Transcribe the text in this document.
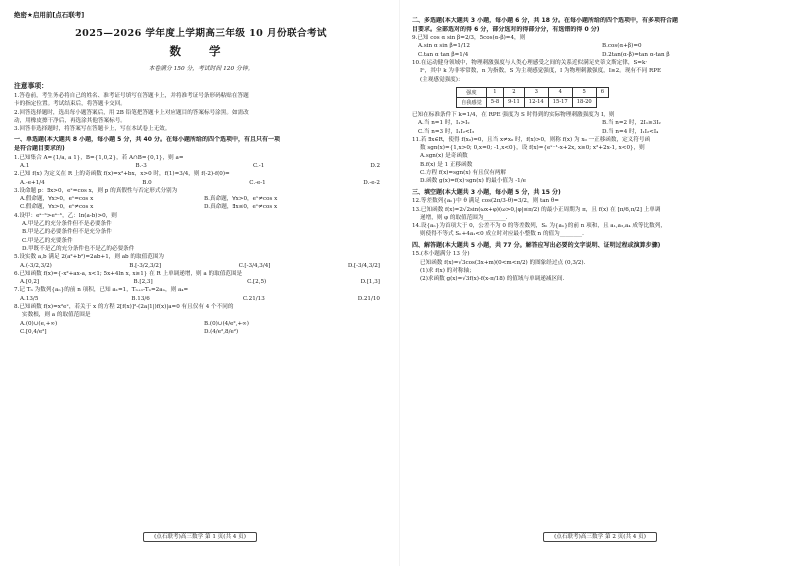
绝密★启用前[点石联考]
2025—2026 学年度上学期高三年级 10 月份联合考试
数 学
本卷满分 150 分，考试时间 120 分钟。
注意事项：
1.答卷前，考生务必将自己的姓名、准考证号填写在答题卡上，并将准考证号条形码粘贴在答题
卡的指定位置。考试结束后，将答题卡交回。
2.回答选择题时，选出每小题答案后，用 2B 铅笔把答题卡上对应题目的答案标号涂黑。如需改
动，用橡皮擦干净后，再选涂其他答案标号。
3.回答非选择题时，将答案写在答题卡上，写在本试卷上无效。
一、单选题(本大题共 8 小题，每小题 5 分，共 40 分。在每小题所给的四个选项中，有且只有一项
是符合题目要求的)
1.已知集合 A={1/a, a 1}，B={1,0,2}，若 A∩B={0,1}，则 a=
A.1	B.-3	C.-1	D.2
2.已知 f(x) 为定义在 R 上的奇函数 f(x)=x²+bx，x>0 时，f(1)=3/4，则 f(-2)-f(0)=
A.-e+1/4	B.0	C.-e-1	D.-e-2
3.设命题 p：∃x>0，eˣ=cos x，则 p 的真假性与否定形式分别为
A.假命题，∀x>0，eˣ=cos x	B.真命题，∀x>0，eˣ≠cos x
C.假命题，∀x>0，eˣ≠cos x	D.真命题，∃x≤0，eˣ≠cos x
4.设甲：eᵃ⁻ᵇ>eᵃ⁻ᵇ，乙：ln(a-b)>0，则
A.甲是乙的充分条件但不是必要条件
B.甲是乙的必要条件但不是充分条件
C.甲是乙的充要条件
D.甲既不是乙的充分条件也不是乙的必要条件
5.设实数 a,b 满足 2(a²+b²)=2ab+1，则 ab 的取值范围为
A.(-3/2,3/2)	B.[-3/2,3/2]	C.[-3/4,3/4]	D.[-3/4,3/2]
6.已知函数 f(x)={-x²+ax-a, x<1; 5x+4ln x, x≥1} 在 R 上单调递增，则 a 的取值范围是
A.[0,2]	B.[2,3]	C.[2,5)	D.[1,3]
7.记 Tₙ 为数列{aₙ}的前 n 项积，已知 a₁=1，Tₙ₊₁-Tₙ=2aₙ，则 a₄=
A.13/5	B.13/6	C.21/13	D.21/10
8.已知函数 f(x)=x²eˣ，若关于 x 的方程 2[f(x)]²-(2a|1|)f(x)|a=0 有且仅有 4 个不同的
实数根，则 a 的取值范围是
A.(0)∪(e,+∞)	B.(0)∪(4/e²,+∞)
C.[0,4/e²]	D.(4/e²,8/e²)
(点石联考)高三数学 第 1 页(共 4 页)
二、多选题(本大题共 3 小题，每小题 6 分，共 18 分。在每小题所给的四个选项中，有多项符合题
目要求。全部选对的得 6 分，部分选对的得部分分，有选错的得 0 分)
9.已知 cos α sin β=2/3，5cos(α-β)=4，则
A.sin α sin β=1/12	B.cos(α+β)=0
C.tan α tan β=1/4	D.2tan(α-β)=tan α-tan β
10.在运动健身领域中，物理刺激强度与人类心理感受之间的关系近似满足史蒂文斯定律，S=k·
Iⁿ，其中 k 为非零常数，n 为指数，S 为主观感觉强度，I 为物理刺激强度，I≥2。现有不同 RPE
(主观感觉强度)：
强度	1	2	3	4	5	6
自我感觉	5-8	9-11	12-14	15-17	18-20	
已知在标准条件下 k=1/4，在 RPE 强度为 S 时得到的实际物理刺激强度为 I，则
A.当 n=1 时，I₁>I₂	B.当 n=2 时，2I₁≥3I₂
C.当 n=3 时，I₁I₂<I₃	D.当 n=4 时，I₁I₂<I₄
11.若 ∃x∈R，使得 f(x₀)=0，且当 x≠x₀ 时，f(x)>0，则称 f(x) 为 x₀ 一正移函数，定义符号函
数 sgn(x)={1,x>0; 0,x=0; -1,x<0}，设 f(x)={eˣ⁻¹-x+2x, x≥0; x²+2x-1, x<0}，则
A.sgn(x) 是奇函数
B.f(x) 是 1 正移函数
C.方程 f(x)=sgn(x) 有且仅有两解
D.函数 g(x)=f(x)·sgn(x) 的最小值为 -1/e
三、填空题(本大题共 3 小题，每小题 5 分，共 15 分)
12.等差数列{aₙ}中 θ 满足 cos(2π/3-θ)=3/2，则 tan θ=
13.已知函数 f(x)=2√2sin(ωx+φ)(ω>0,|φ|≤π/2) 的最小正周期为 π，且 f(x) 在 [π/6,π/2] 上单调
递增，则 φ 的取值范围为________.
14.设{aₙ}为首项大于 0，公差不为 0 的等差数列，Sₙ 为{aₙ}的前 n 项和，且 a₁,a₃,a₄ 成等比数列，
则使得不等式 Sₙ+4a₁<0 成立时对应最小整数 n 的值为________.
四、解答题(本大题共 5 小题，共 77 分。解答应写出必要的文字说明、证明过程或演算步骤)
15.(本小题满分 13 分)
已知函数 f(x)=√3cos(3x+m)(0<m<π/2) 的图象经过点 (0,3/2).
(1)求 f(x) 的对称轴；
(2)求函数 g(x)=√3f(x)-f(x-π/18) 的值域与单调递减区间.
(点石联考)高三数学 第 2 页(共 4 页)
